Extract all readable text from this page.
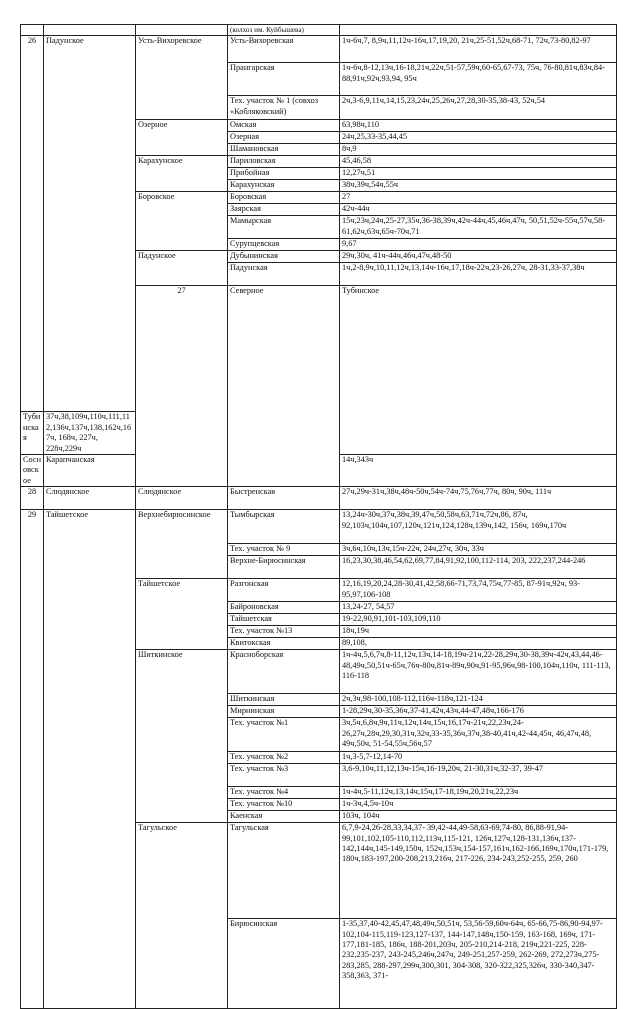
			(колхоз им. Куйбышева)		
26	Падунское	Усть-Вихоревское	Усть-Вихоревская	1ч-6ч,7, 8,9ч,11,12ч-16ч,17,19,20, 21ч,25-51,52ч,68-71, 72ч,73-80,82-97	
			Прангарская	1ч-6ч,8-12,13ч,16-18,21ч,22ч,51-57,59ч,60-65,67-73, 75ч, 76-80,81ч,83ч,84-88,91ч,92ч,93,94, 95ч	
			Тех. участок № 1 (совхоз «Кобляковский)	2ч,3-6,9,11ч,14,15,23,24ч,25,26ч,27,28,30-35,38-43, 52ч,54	
		Озерное	Омская	63,98ч,110	
			Озерная	24ч,25,33-35,44,45	
			Шамановская	8ч,9	
		Карахунское	Париловская	45,46,58	
			Прибойная	12,27ч,51	
			Карахунская	38ч,39ч,54ч,55ч	
		Боровское	Боровская	27	
			Заярская	42ч-44ч	
			Мамырская	15ч,23ч,24ч,25-27,35ч,36-38,39ч,42ч-44ч,45,46ч,47ч, 50,51,52ч-55ч,57ч,58-61,62ч,63ч,65ч-70ч,71	
			Сурупцевская	9,67	
		Падунское	Дубынинская	29ч,30ч, 41ч-44ч,46ч,47ч,48-50	
			Падунская	1ч,2-8,9ч,10,11,12ч,13,14ч-16ч,17,18ч-22ч,23-26,27ч, 28-31,33-37,38ч	
		27	Северное	Тубинское		
Тубинская	37ч,38,109ч,110ч,111,112,136ч,137ч,138,162ч,167ч, 168ч, 227ч, 228ч,229ч				
Сосновское	Карапчанская			14ч,343ч	
28	Слюдянское	Слюдянское	Быстренская	27ч,29ч-31ч,38ч,48ч-50ч,54ч-74ч,75,76ч,77ч, 80ч, 90ч, 111ч	
29	Тайшетское	Верхнебирюсинское	Тымбырская	13,24ч-30ч,37ч,38ч,39,47ч,50,58ч,63,71ч,72ч,86, 87ч, 92,103ч,104ч,107,120ч,121ч,124,128ч,139ч,142, 156ч, 169ч,170ч	
			Тех. участок № 9	3ч,6ч,10ч,13ч,15ч-22ч, 24ч,27ч, 30ч, 33ч	
			Верхне-Бирюсинская	16,23,30,38,46,54,62,69,77,84,91,92,100,112-114, 203, 222,237,244-246	
		Тайшетское	Разгонская	12,16,19,20,24,28-30,41,42,58,66-71,73,74,75ч,77-85, 87-91ч,92ч, 93-95,97,106-108	
			Байроновская	13,24-27, 54,57	
			Тайшетская	19-22,90,91,101-103,109,110	
			Тех. участок №13	18ч,19ч	
			Квитокская	89,108,	
		Шиткинское	Красноборская	1ч-4ч,5,6,7ч,8-11,12ч,13ч,14-18,19ч-21ч,22-28,29ч,30-38,39ч-42ч,43,44,46-48,49ч,50,51ч-65ч,76ч-80ч,81ч-89ч,90ч,91-95,96ч,98-100,104ч,110ч, 111-113, 116-118	
			Шиткинская	2ч,3ч,98-100,108-112,116ч-118ч,121-124	
			Мирнинская	1-28,29ч,30-35,36ч,37-41,42ч,43ч,44-47,48ч,166-176	
			Тех. участок №1	3ч,5ч,6,8ч,9ч,11ч,12ч,14ч,15ч,16,17ч-21ч,22,23ч,24-26,27ч,28ч,29,30,31ч,32ч,33-35,36ч,37ч,38-40,41ч,42-44,45ч, 46,47ч,48, 49ч,50ч, 51-54,55ч,56ч,57	
			Тех. участок №2	1ч,3-5,7-12,14-70	
			Тех. участок №3	3,6-9,10ч,11,12,13ч-15ч,16-19,20ч, 21-30,31ч,32-37, 39-47	
			Тех. участок №4	1ч-4ч,5-11,12ч,13,14ч,15ч,17-18,19ч,20,21ч,22,23ч	
			Тех. участок №10	1ч-3ч,4,5ч-10ч	
			Каенская	103ч, 104ч	
		Тагульское	Тагульская	6,7,9-24,26-28,33,34,37- 39,42-44,49-58,63-69,74-80, 86,88-91,94-99,101,102,105-110,112,113ч,115-121, 126ч,127ч,128-131,136ч,137-142,144ч,145-149,150ч, 152ч,153ч,154-157,161ч,162-166,169ч,170ч,171-179, 180ч,183-197,200-208,213,216ч, 217-226, 234-243,252-255, 259, 260	
			Бирюсинская	1-35,37,40-42,45,47,48,49ч,50,51ч, 53,56-59,60ч-64ч, 65-66,75-86,90-94,97-102,104-115,119-123,127-137, 144-147,148ч,150-159, 163-168, 169ч, 171-177,181-185, 186ч, 188-201,203ч, 205-210,214-218, 219ч,221-225, 228-232,235-237, 243-245,246ч,247ч, 249-251,257-259, 262-269, 272,273ч,275-283,285, 288-297,299ч,300,301, 304-308, 320-322,325,326ч, 330-340,347-358,363, 371-	
